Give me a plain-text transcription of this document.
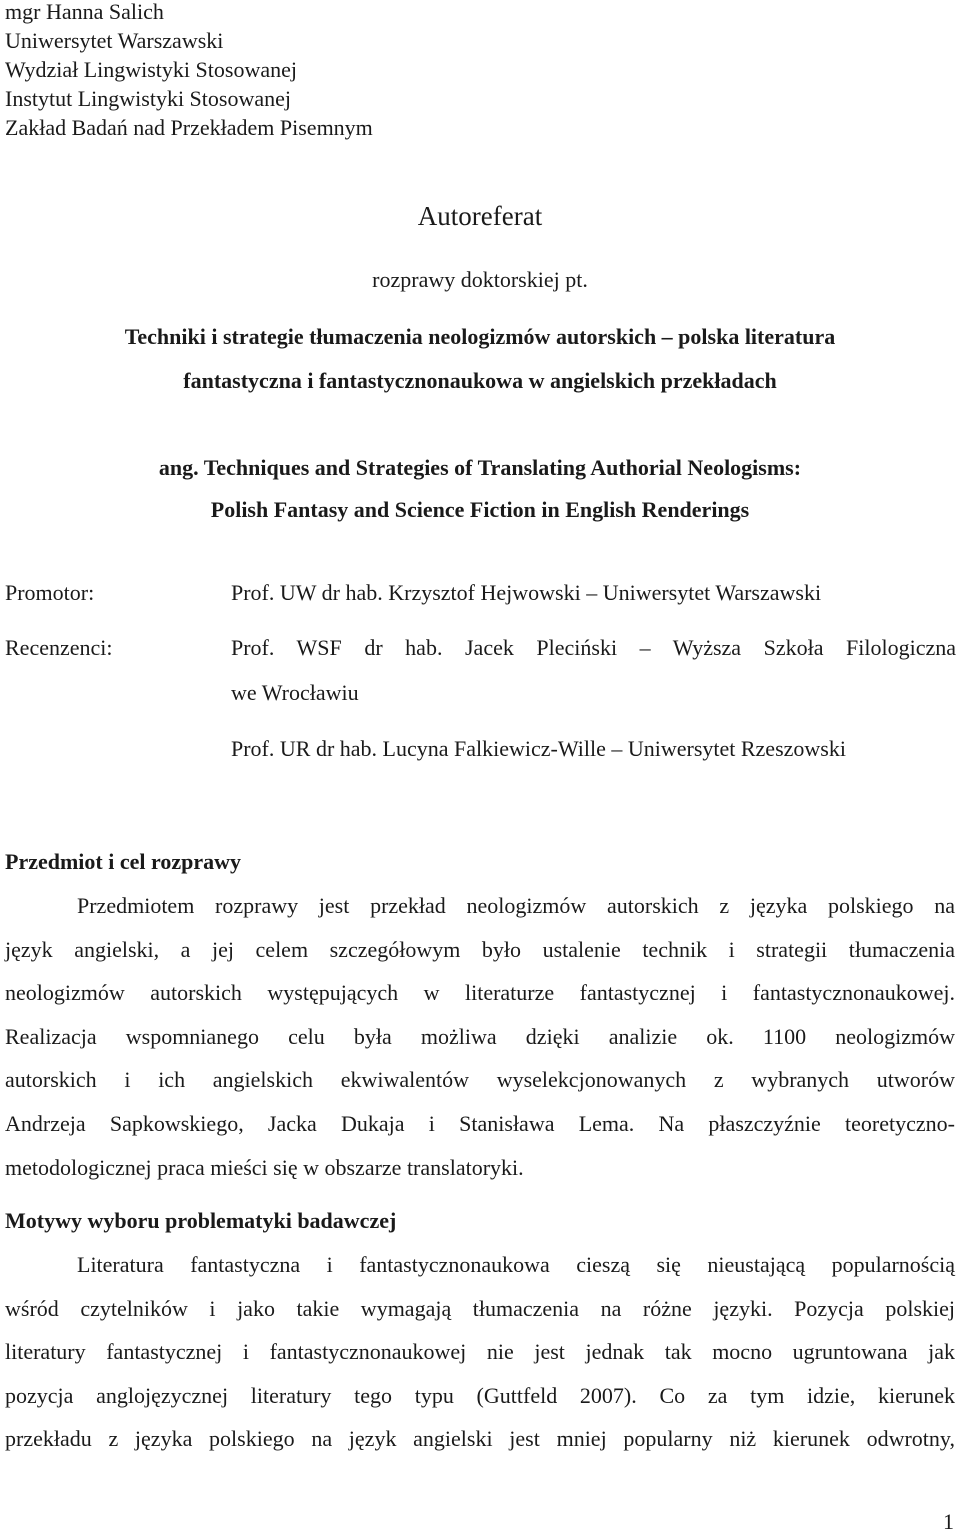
mgr Hanna Salich
Uniwersytet Warszawski
Wydział Lingwistyki Stosowanej
Instytut Lingwistyki Stosowanej
Zakład Badań nad Przekładem Pisemnym
Autoreferat
rozprawy doktorskiej pt.
Techniki i strategie tłumaczenia neologizmów autorskich – polska literatura
fantastyczna i fantastycznonaukowa w angielskich przekładach
ang. Techniques and Strategies of Translating Authorial Neologisms:
Polish Fantasy and Science Fiction in English Renderings
Promotor:	Prof. UW dr hab. Krzysztof Hejwowski – Uniwersytet Warszawski
Recenzenci:	Prof. WSF dr hab. Jacek Pleciński – Wyższa Szkoła Filologiczna
we Wrocławiu
Prof. UR dr hab. Lucyna Falkiewicz-Wille – Uniwersytet Rzeszowski
Przedmiot i cel rozprawy
Przedmiotem rozprawy jest przekład neologizmów autorskich z języka polskiego na
język angielski, a jej celem szczegółowym było ustalenie technik i strategii tłumaczenia
neologizmów autorskich występujących w literaturze fantastycznej i fantastycznonaukowej.
Realizacja wspomnianego celu była możliwa dzięki analizie ok. 1100 neologizmów
autorskich i ich angielskich ekwiwalentów wyselekcjonowanych z wybranych utworów
Andrzeja Sapkowskiego, Jacka Dukaja i Stanisława Lema. Na płaszczyźnie teoretyczno-
metodologicznej praca mieści się w obszarze translatoryki.
Motywy wyboru problematyki badawczej
Literatura fantastyczna i fantastycznonaukowa cieszą się nieustającą popularnością
wśród czytelników i jako takie wymagają tłumaczenia na różne języki. Pozycja polskiej
literatury fantastycznej i fantastycznonaukowej nie jest jednak tak mocno ugruntowana jak
pozycja anglojęzycznej literatury tego typu (Guttfeld 2007). Co za tym idzie, kierunek
przekładu z języka polskiego na język angielski jest mniej popularny niż kierunek odwrotny,
1
